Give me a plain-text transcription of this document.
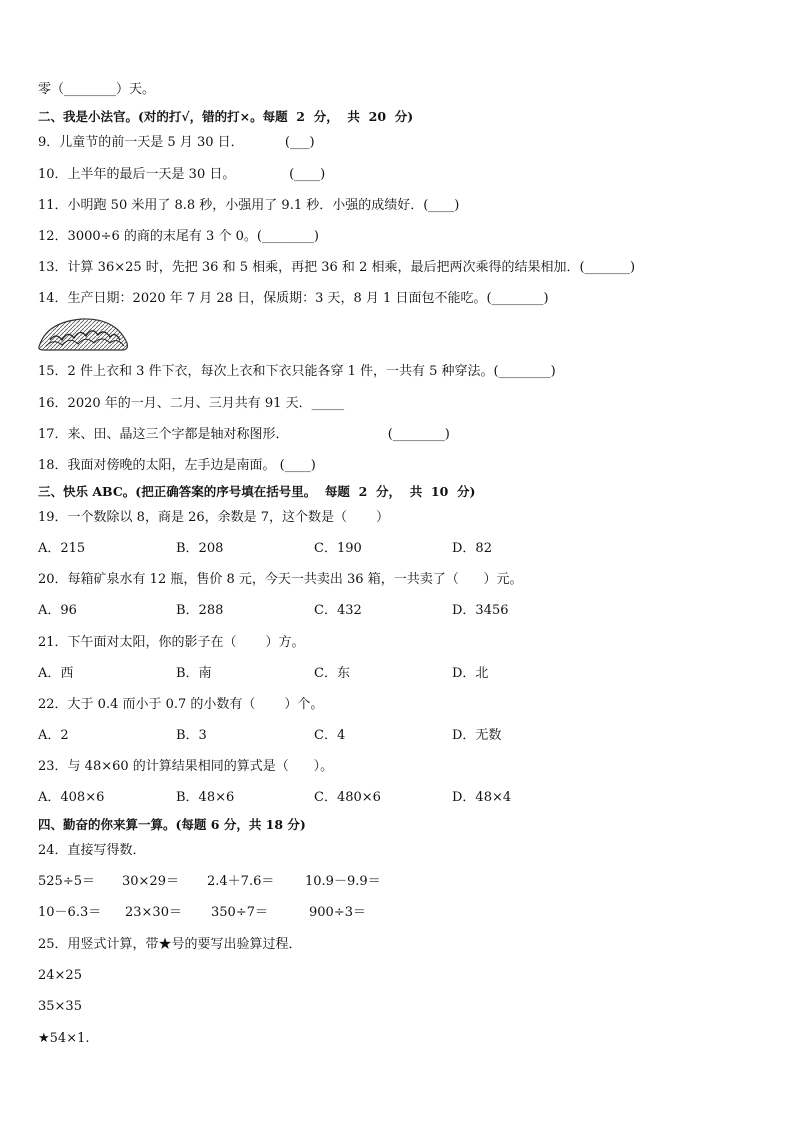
零（________）天。

二、我是小法官。(对的打√，错的打×。每题  2  分，  共  20  分)

9．儿童节的前一天是 5 月 30 日．          (___)

10．上半年的最后一天是 30 日。             (____)

11．小明跑 50 米用了 8.8 秒，小强用了 9.1 秒．小强的成绩好．(____)

12．3000÷6 的商的末尾有 3 个 0。(________)

13．计算 36×25 时，先把 36 和 5 相乘，再把 36 和 2 相乘，最后把两次乘得的结果相加．(_______)

14．生产日期：2020 年 7 月 28 日，保质期：3 天，8 月 1 日面包不能吃。(________)

15．2 件上衣和 3 件下衣，每次上衣和下衣只能各穿 1 件，一共有 5 种穿法。(________)

16．2020 年的一月、二月、三月共有 91 天．_____

17．来、田、晶这三个字都是轴对称图形．                        (________)

18．我面对傍晚的太阳，左手边是南面。 (____)

三、快乐 ABC。(把正确答案的序号填在括号里。  每题  2  分，  共  10  分)

19．一个数除以 8，商是 26，余数是 7，这个数是（       ）

A．215	B．208	C．190	D．82

20．每箱矿泉水有 12 瓶，售价 8 元，今天一共卖出 36 箱，一共卖了（      ）元。

A．96	B．288	C．432	D．3456

21．下午面对太阳，你的影子在（       ）方。

A．西	B．南	C．东	D．北

22．大于 0.4 而小于 0.7 的小数有（       ）个。

A．2	B．3	C．4	D．无数

23．与 48×60 的计算结果相同的算式是（      ）。

A．408×6	B．48×6	C．480×6	D．48×4

四、勤奋的你来算一算。(每题 6 分，共 18 分)

24．直接写得数．

525÷5＝ 30×29＝ 2.4＋7.6＝ 10.9－9.9＝
10－6.3＝ 23×30＝ 350÷7＝	900÷3＝

25．用竖式计算，带★号的要写出验算过程．

24×25

35×35

★54×1.
